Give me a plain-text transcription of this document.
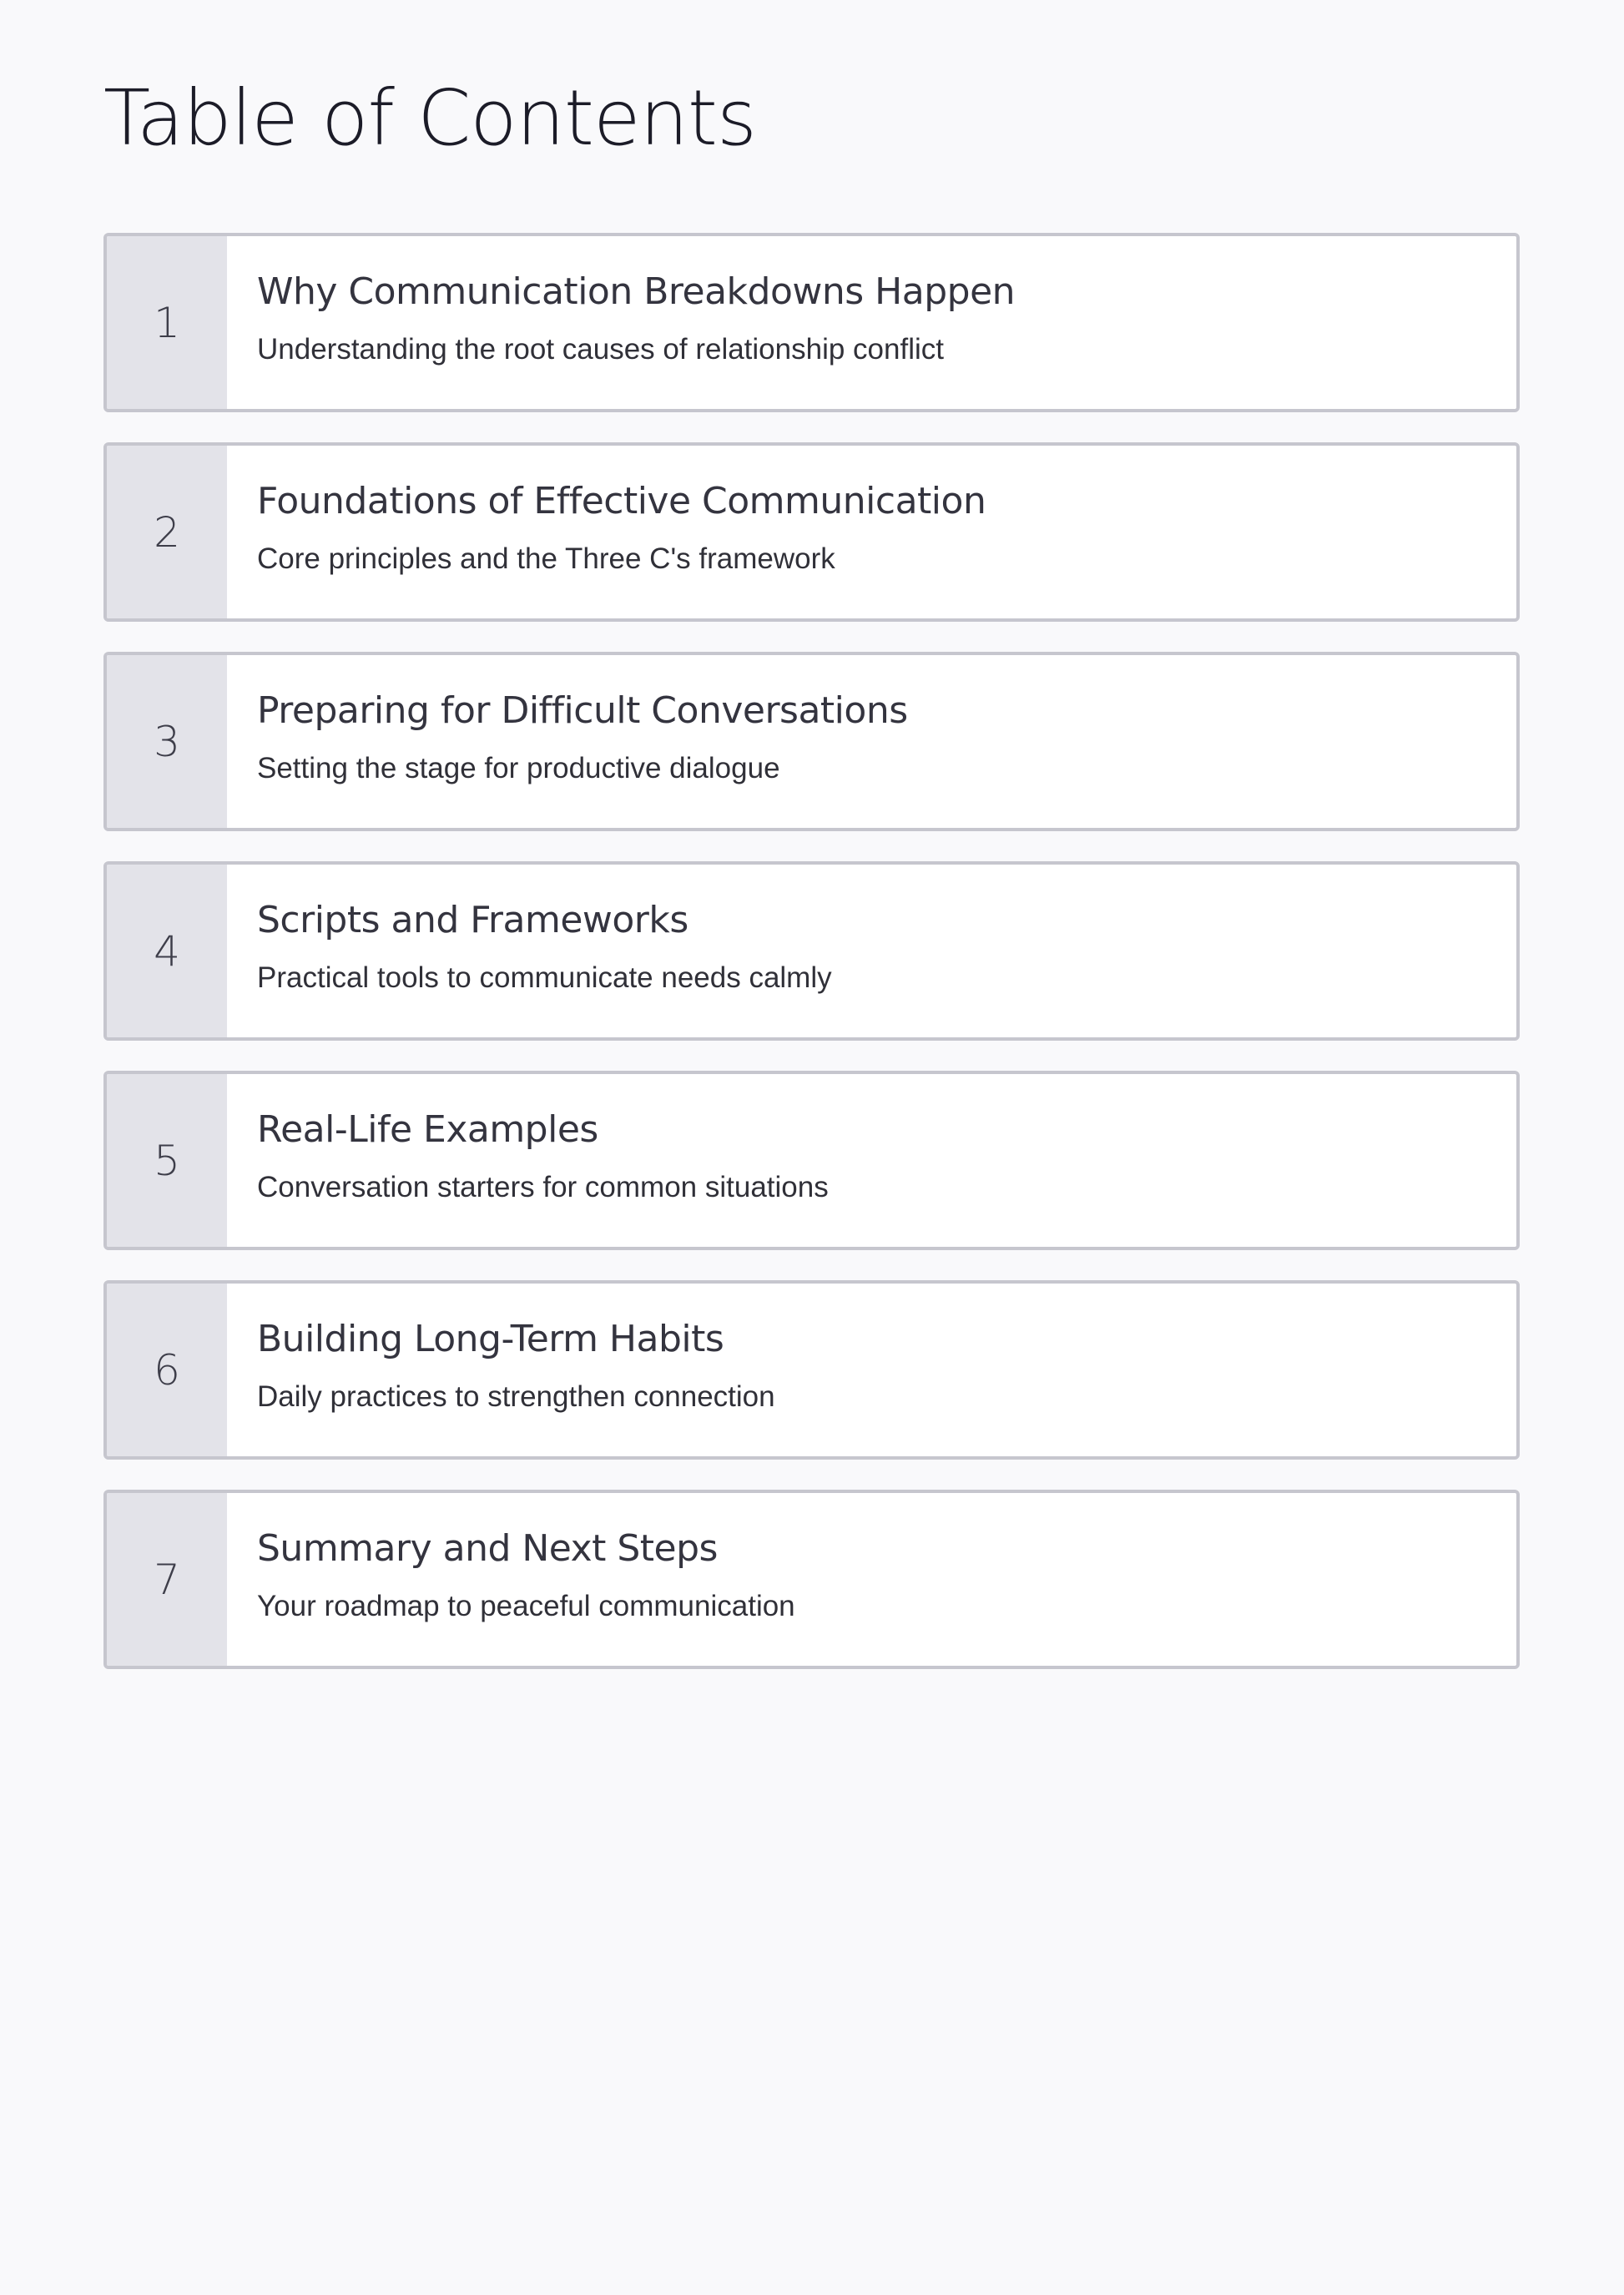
Table of Contents
1
Why Communication Breakdowns Happen
Understanding the root causes of relationship conflict
2
Foundations of Effective Communication
Core principles and the Three C's framework
3
Preparing for Difficult Conversations
Setting the stage for productive dialogue
4
Scripts and Frameworks
Practical tools to communicate needs calmly
5
Real-Life Examples
Conversation starters for common situations
6
Building Long-Term Habits
Daily practices to strengthen connection
7
Summary and Next Steps
Your roadmap to peaceful communication
